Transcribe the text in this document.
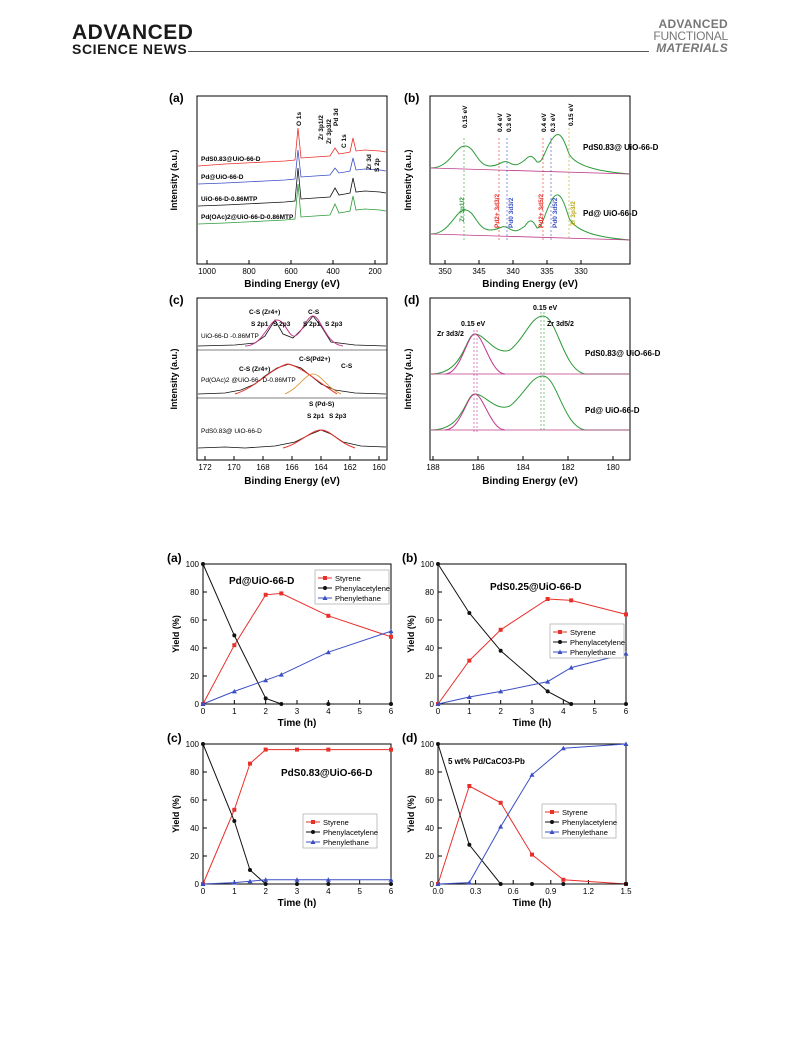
ADVANCED
SCIENCE NEWS
ADVANCED
FUNCTIONAL
MATERIALS
(a)
Intensity (a.u.)
Binding Energy (eV)
1000	800	600	400	200
PdS0.83@UiO-66-D
Pd@UiO-66-D
UiO-66-D-0.86MTP
Pd(OAc)2@UiO-66-D-0.86MTP
O 1s Zr 3p1/2 Zr 3p3/2
Pd 3d
C 1s
Zr 3d S 2p
(b)
Intensity (a.u.)
Binding Energy (eV)
350	345	340	335	330
0.15 eV	0.4 eV 0.3 eV	0.4 eV 0.3 eV 0.15 eV
Zr 3p1/2	Pd2+ 3d3/2 Pd0 3d3/2	Pd2+ 3d5/2 Pd0 3d5/2 Zr 3p3/2
PdS0.83@ UiO-66-D
Pd@ UiO-66-D
(c)
Intensity (a.u.)
Binding Energy (eV)
172 170 168 166 164 162 160
C-S (Zr4+)	C-S
C-S(Pd2+)
C-S (Zr4+)	C-S
S (Pd-S)
S 2p1 S 2p3 S 2p1 S 2p3
S 2p1 S 2p3
UiO-66-D -0.86MTP
Pd(OAc)2 @UiO-66- D-0.86MTP
PdS0.83@ UiO-66-D
(d)
Intensity (a.u.)
Binding Energy (eV)
188	186	184	182	180
0.15 eV
0.15 eV
Zr 3d3/2
Zr 3d5/2
PdS0.83@ UiO-66-D
Pd@ UiO-66-D
(a)
0
20
40
60
80
100
0	1	2	3	4	5	6
Time (h)
Yield (%)
Pd@UiO-66-D	Styrene
Phenylacetylene
Phenylethane
(b)
0
20
40
60
80
100
0	1	2	3	4	5	6
Time (h)
Yield (%)
PdS0.25@UiO-66-D
Styrene
Phenylacetylene
Phenylethane
(c)
0
20
40
60
80
100
0	1	2	3	4	5	6
Time (h)
Yield (%)
PdS0.83@UiO-66-D
Styrene
Phenylacetylene
Phenylethane
(d)
0
20
40
60
80
100
0.0	0.3	0.6	0.9	1.2	1.5
Time (h)
Yield (%)
5 wt% Pd/CaCO3-Pb
Styrene
Phenylacetylene
Phenylethane
